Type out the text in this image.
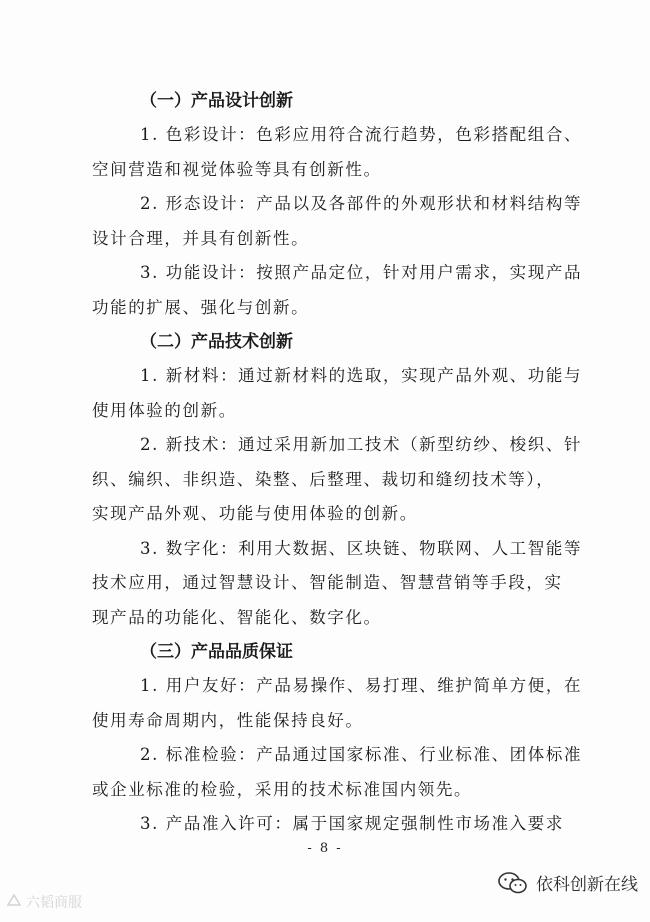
（一）产品设计创新

1. 色彩设计：色彩应用符合流行趋势，色彩搭配组合、
空间营造和视觉体验等具有创新性。

2. 形态设计：产品以及各部件的外观形状和材料结构等
设计合理，并具有创新性。

3. 功能设计：按照产品定位，针对用户需求，实现产品
功能的扩展、强化与创新。

（二）产品技术创新

1. 新材料：通过新材料的选取，实现产品外观、功能与
使用体验的创新。

2. 新技术：通过采用新加工技术（新型纺纱、梭织、针
织、编织、非织造、染整、后整理、裁切和缝纫技术等），
实现产品外观、功能与使用体验的创新。

3. 数字化：利用大数据、区块链、物联网、人工智能等
技术应用，通过智慧设计、智能制造、智慧营销等手段，实
现产品的功能化、智能化、数字化。

（三）产品品质保证

1. 用户友好：产品易操作、易打理、维护简单方便，在
使用寿命周期内，性能保持良好。

2. 标准检验：产品通过国家标准、行业标准、团体标准
或企业标准的检验，采用的技术标准国内领先。

3. 产品准入许可：属于国家规定强制性市场准入要求

- 8 -
六韬商服
依科创新在线
